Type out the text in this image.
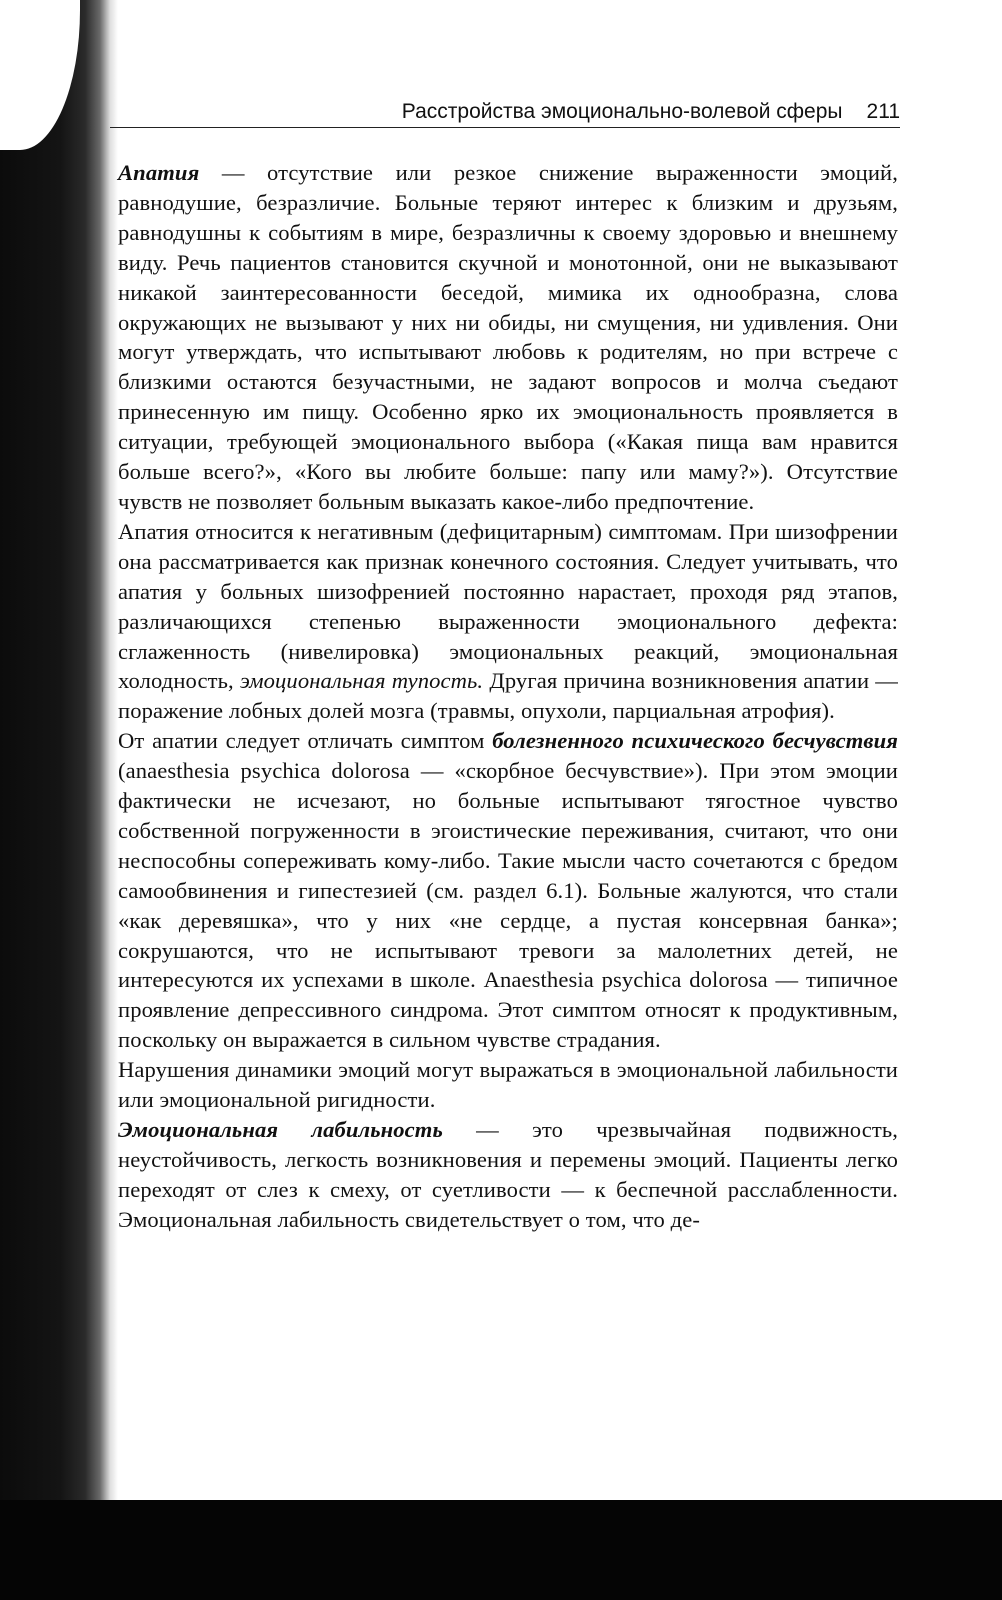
Расстройства эмоционально-волевой сферы 211

Апатия — отсутствие или резкое снижение выраженности эмоций, равнодушие, безразличие. Больные теряют интерес к близким и друзьям, равнодушны к событиям в мире, безразличны к своему здоровью и внешнему виду. Речь пациентов становится скучной и монотонной, они не выказывают никакой заинтересованности беседой, мимика их однообразна, слова окружающих не вызывают у них ни обиды, ни смущения, ни удивления. Они могут утверждать, что испытывают любовь к родителям, но при встрече с близкими остаются безучастными, не задают вопросов и молча съедают принесенную им пищу. Особенно ярко их эмоциональность проявляется в ситуации, требующей эмоционального выбора («Какая пища вам нравится больше всего?», «Кого вы любите больше: папу или маму?»). Отсутствие чувств не позволяет больным выказать какое-либо предпочтение.

Апатия относится к негативным (дефицитарным) симптомам. При шизофрении она рассматривается как признак конечного состояния. Следует учитывать, что апатия у больных шизофренией постоянно нарастает, проходя ряд этапов, различающихся степенью выраженности эмоционального дефекта: сглаженность (нивелировка) эмоциональных реакций, эмоциональная холодность, эмоциональная тупость. Другая причина возникновения апатии — поражение лобных долей мозга (травмы, опухоли, парциальная атрофия).

От апатии следует отличать симптом болезненного психического бесчувствия (anaesthesia psychica dolorosa — «скорбное бесчувствие»). При этом эмоции фактически не исчезают, но больные испытывают тягостное чувство собственной погруженности в эгоистические переживания, считают, что они неспособны сопереживать кому-либо. Такие мысли часто сочетаются с бредом самообвинения и гипестезией (см. раздел 6.1). Больные жалуются, что стали «как деревяшка», что у них «не сердце, а пустая консервная банка»; сокрушаются, что не испытывают тревоги за малолетних детей, не интересуются их успехами в школе. Anaesthesia psychica dolorosa — типичное проявление депрессивного синдрома. Этот симптом относят к продуктивным, поскольку он выражается в сильном чувстве страдания.

Нарушения динамики эмоций могут выражаться в эмоциональной лабильности или эмоциональной ригидности.

Эмоциональная лабильность — это чрезвычайная подвижность, неустойчивость, легкость возникновения и перемены эмоций. Пациенты легко переходят от слез к смеху, от суетливости — к беспечной расслабленности. Эмоциональная лабильность свидетельствует о том, что де-
